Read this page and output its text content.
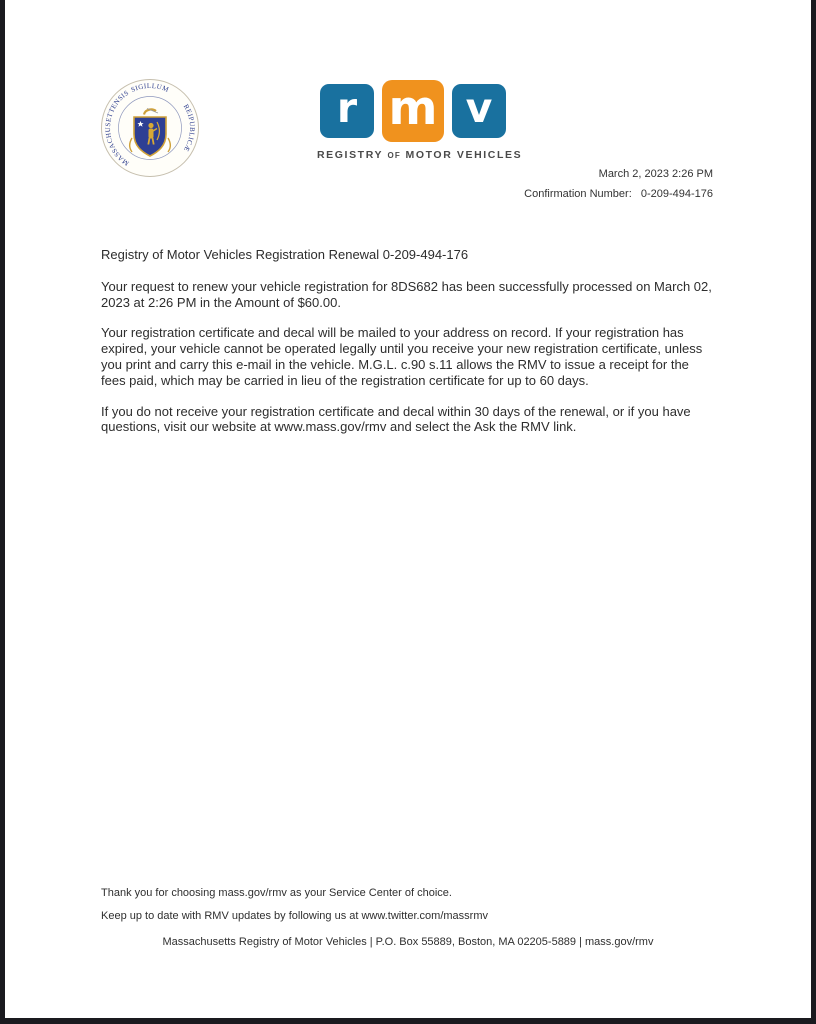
MASSACHUSETTENSIS SIGILLUM
REIPUBLICÆ
r m v
REGISTRY OF MOTOR VEHICLES
March 2, 2023 2:26 PM
Confirmation Number: 0-209-494-176

Registry of Motor Vehicles Registration Renewal 0-209-494-176

Your request to renew your vehicle registration for 8DS682 has been successfully processed on March 02, 2023 at 2:26 PM in the Amount of $60.00.

Your registration certificate and decal will be mailed to your address on record. If your registration has expired, your vehicle cannot be operated legally until you receive your new registration certificate, unless you print and carry this e-mail in the vehicle. M.G.L. c.90 s.11 allows the RMV to issue a receipt for the fees paid, which may be carried in lieu of the registration certificate for up to 60 days.

If you do not receive your registration certificate and decal within 30 days of the renewal, or if you have questions, visit our website at www.mass.gov/rmv and select the Ask the RMV link.

Thank you for choosing mass.gov/rmv as your Service Center of choice.
Keep up to date with RMV updates by following us at www.twitter.com/massrmv
Massachusetts Registry of Motor Vehicles | P.O. Box 55889, Boston, MA 02205-5889 | mass.gov/rmv
